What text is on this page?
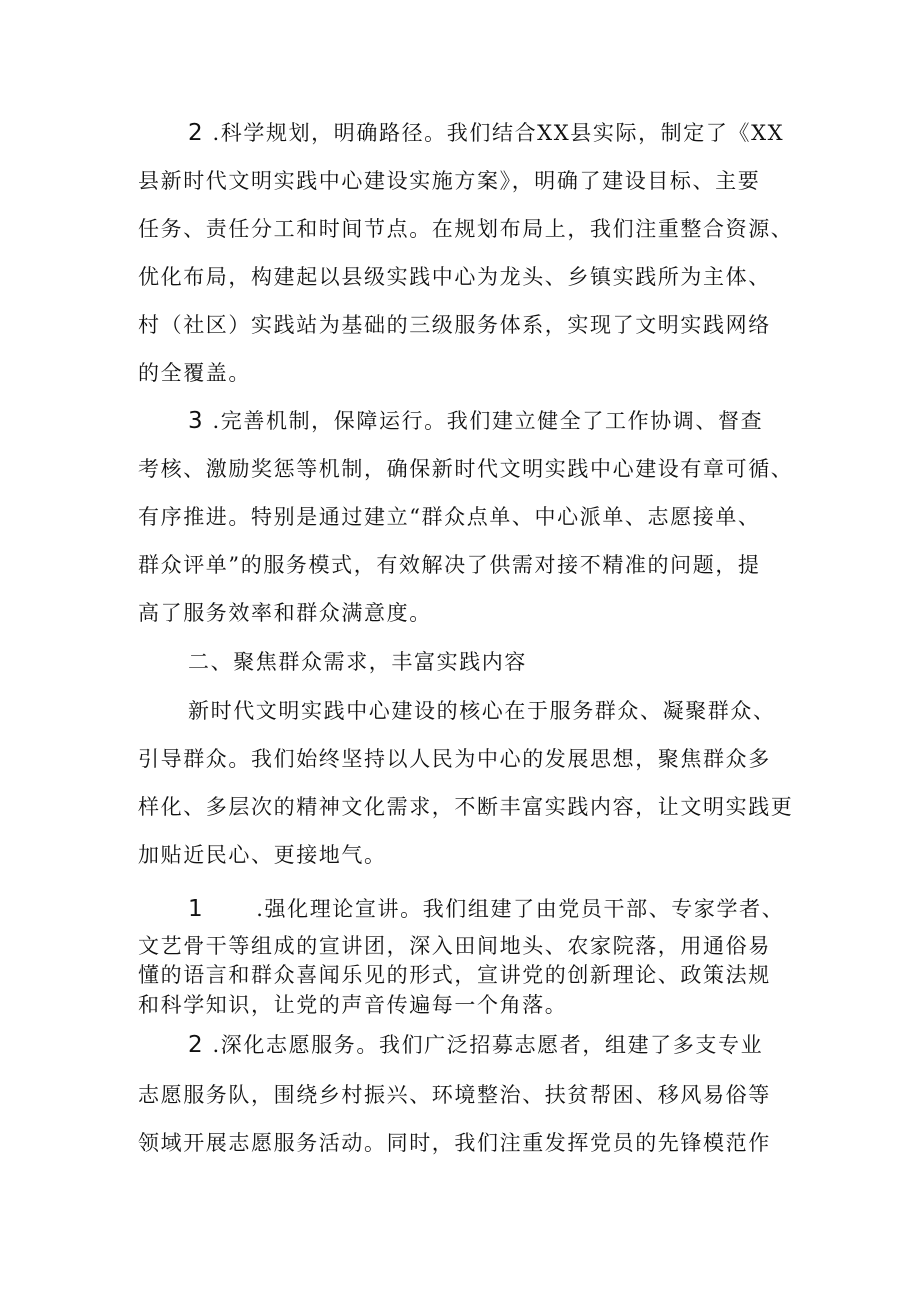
2 .科学规划，明确路径。我们结合XX县实际，制定了《XX

县新时代文明实践中心建设实施方案》，明确了建设目标、主要

任务、责任分工和时间节点。在规划布局上，我们注重整合资源、

优化布局，构建起以县级实践中心为龙头、乡镇实践所为主体、

村（社区）实践站为基础的三级服务体系，实现了文明实践网络

的全覆盖。

3 .完善机制，保障运行。我们建立健全了工作协调、督查

考核、激励奖惩等机制，确保新时代文明实践中心建设有章可循、

有序推进。特别是通过建立“群众点单、中心派单、志愿接单、

群众评单”的服务模式，有效解决了供需对接不精准的问题，提

高了服务效率和群众满意度。

二、聚焦群众需求，丰富实践内容

新时代文明实践中心建设的核心在于服务群众、凝聚群众、

引导群众。我们始终坚持以人民为中心的发展思想，聚焦群众多

样化、多层次的精神文化需求，不断丰富实践内容，让文明实践更

加贴近民心、更接地气。

1 .强化理论宣讲。我们组建了由党员干部、专家学者、

文艺骨干等组成的宣讲团，深入田间地头、农家院落，用通俗易

懂的语言和群众喜闻乐见的形式，宣讲党的创新理论、政策法规

和科学知识，让党的声音传遍每一个角落。

2 .深化志愿服务。我们广泛招募志愿者，组建了多支专业

志愿服务队，围绕乡村振兴、环境整治、扶贫帮困、移风易俗等

领域开展志愿服务活动。同时，我们注重发挥党员的先锋模范作
